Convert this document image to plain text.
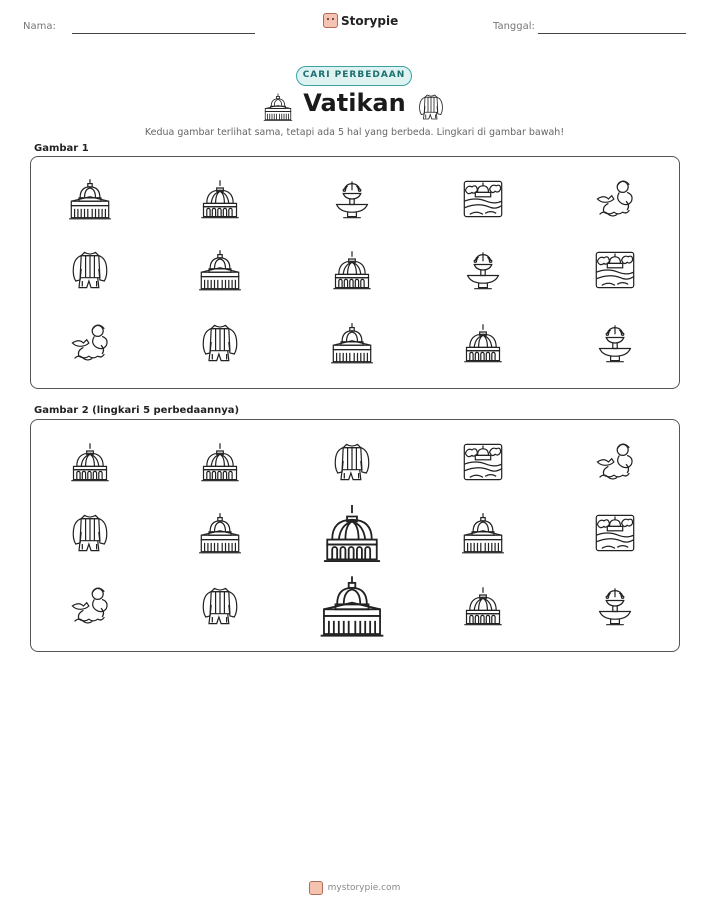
Nama:	Storypie	Tanggal:
CARI PERBEDAAN
Vatikan
Kedua gambar terlihat sama, tetapi ada 5 hal yang berbeda. Lingkari di gambar bawah!
Gambar 1
Gambar 2 (lingkari 5 perbedaannya)
mystorypie.com
